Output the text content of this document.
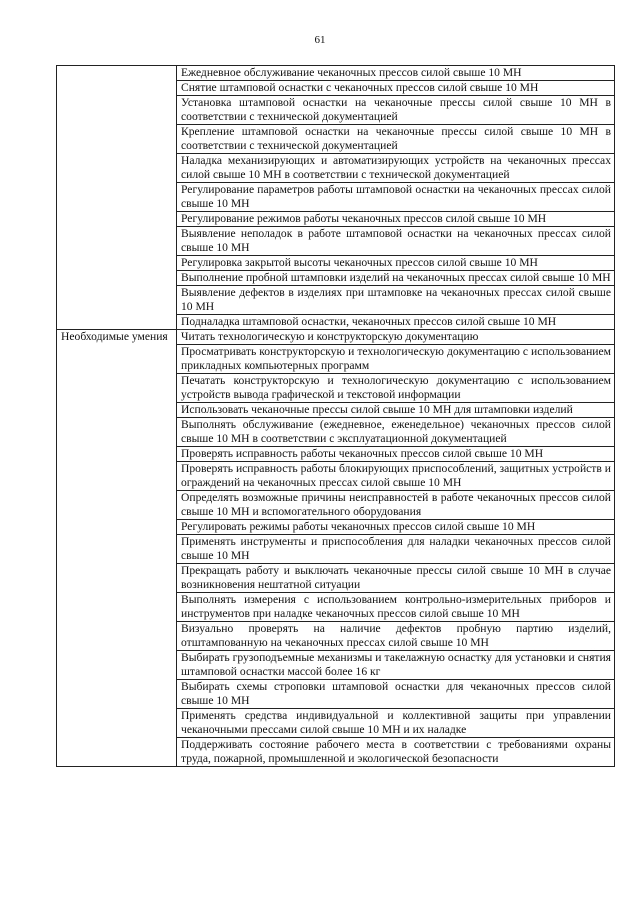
61
	Ежедневное обслуживание чеканочных прессов силой свыше 10 МН
	Снятие штамповой оснастки с чеканочных прессов силой свыше 10 МН
	Установка штамповой оснастки на чеканочные прессы силой свыше 10 МН в соответствии с технической документацией
	Крепление штамповой оснастки на чеканочные прессы силой свыше 10 МН в соответствии с технической документацией
	Наладка механизирующих и автоматизирующих устройств на чеканочных прессах силой свыше 10 МН в соответствии с технической документацией
	Регулирование параметров работы штамповой оснастки на чеканочных прессах силой свыше 10 МН
	Регулирование режимов работы чеканочных прессов силой свыше 10 МН
	Выявление неполадок в работе штамповой оснастки на чеканочных прессах силой свыше 10 МН
	Регулировка закрытой высоты чеканочных прессов силой свыше 10 МН
	Выполнение пробной штамповки изделий на чеканочных прессах силой свыше 10 МН
	Выявление дефектов в изделиях при штамповке на чеканочных прессах силой свыше 10 МН
	Подналадка штамповой оснастки, чеканочных прессов силой свыше 10 МН
Необходимые умения	Читать технологическую и конструкторскую документацию
	Просматривать конструкторскую и технологическую документацию с использованием прикладных компьютерных программ
	Печатать конструкторскую и технологическую документацию с использованием устройств вывода графической и текстовой информации
	Использовать чеканочные прессы силой свыше 10 МН для штамповки изделий
	Выполнять обслуживание (ежедневное, еженедельное) чеканочных прессов силой свыше 10 МН в соответствии с эксплуатационной документацией
	Проверять исправность работы чеканочных прессов силой свыше 10 МН
	Проверять исправность работы блокирующих приспособлений, защитных устройств и ограждений на чеканочных прессах силой свыше 10 МН
	Определять возможные причины неисправностей в работе чеканочных прессов силой свыше 10 МН и вспомогательного оборудования
	Регулировать режимы работы чеканочных прессов силой свыше 10 МН
	Применять инструменты и приспособления для наладки чеканочных прессов силой свыше 10 МН
	Прекращать работу и выключать чеканочные прессы силой свыше 10 МН в случае возникновения нештатной ситуации
	Выполнять измерения с использованием контрольно-измерительных приборов и инструментов при наладке чеканочных прессов силой свыше 10 МН
	Визуально проверять на наличие дефектов пробную партию изделий, отштампованную на чеканочных прессах силой свыше 10 МН
	Выбирать грузоподъемные механизмы и такелажную оснастку для установки и снятия штамповой оснастки массой более 16 кг
	Выбирать схемы строповки штамповой оснастки для чеканочных прессов силой свыше 10 МН
	Применять средства индивидуальной и коллективной защиты при управлении чеканочными прессами силой свыше 10 МН и их наладке
	Поддерживать состояние рабочего места в соответствии с требованиями охраны труда, пожарной, промышленной и экологической безопасности
